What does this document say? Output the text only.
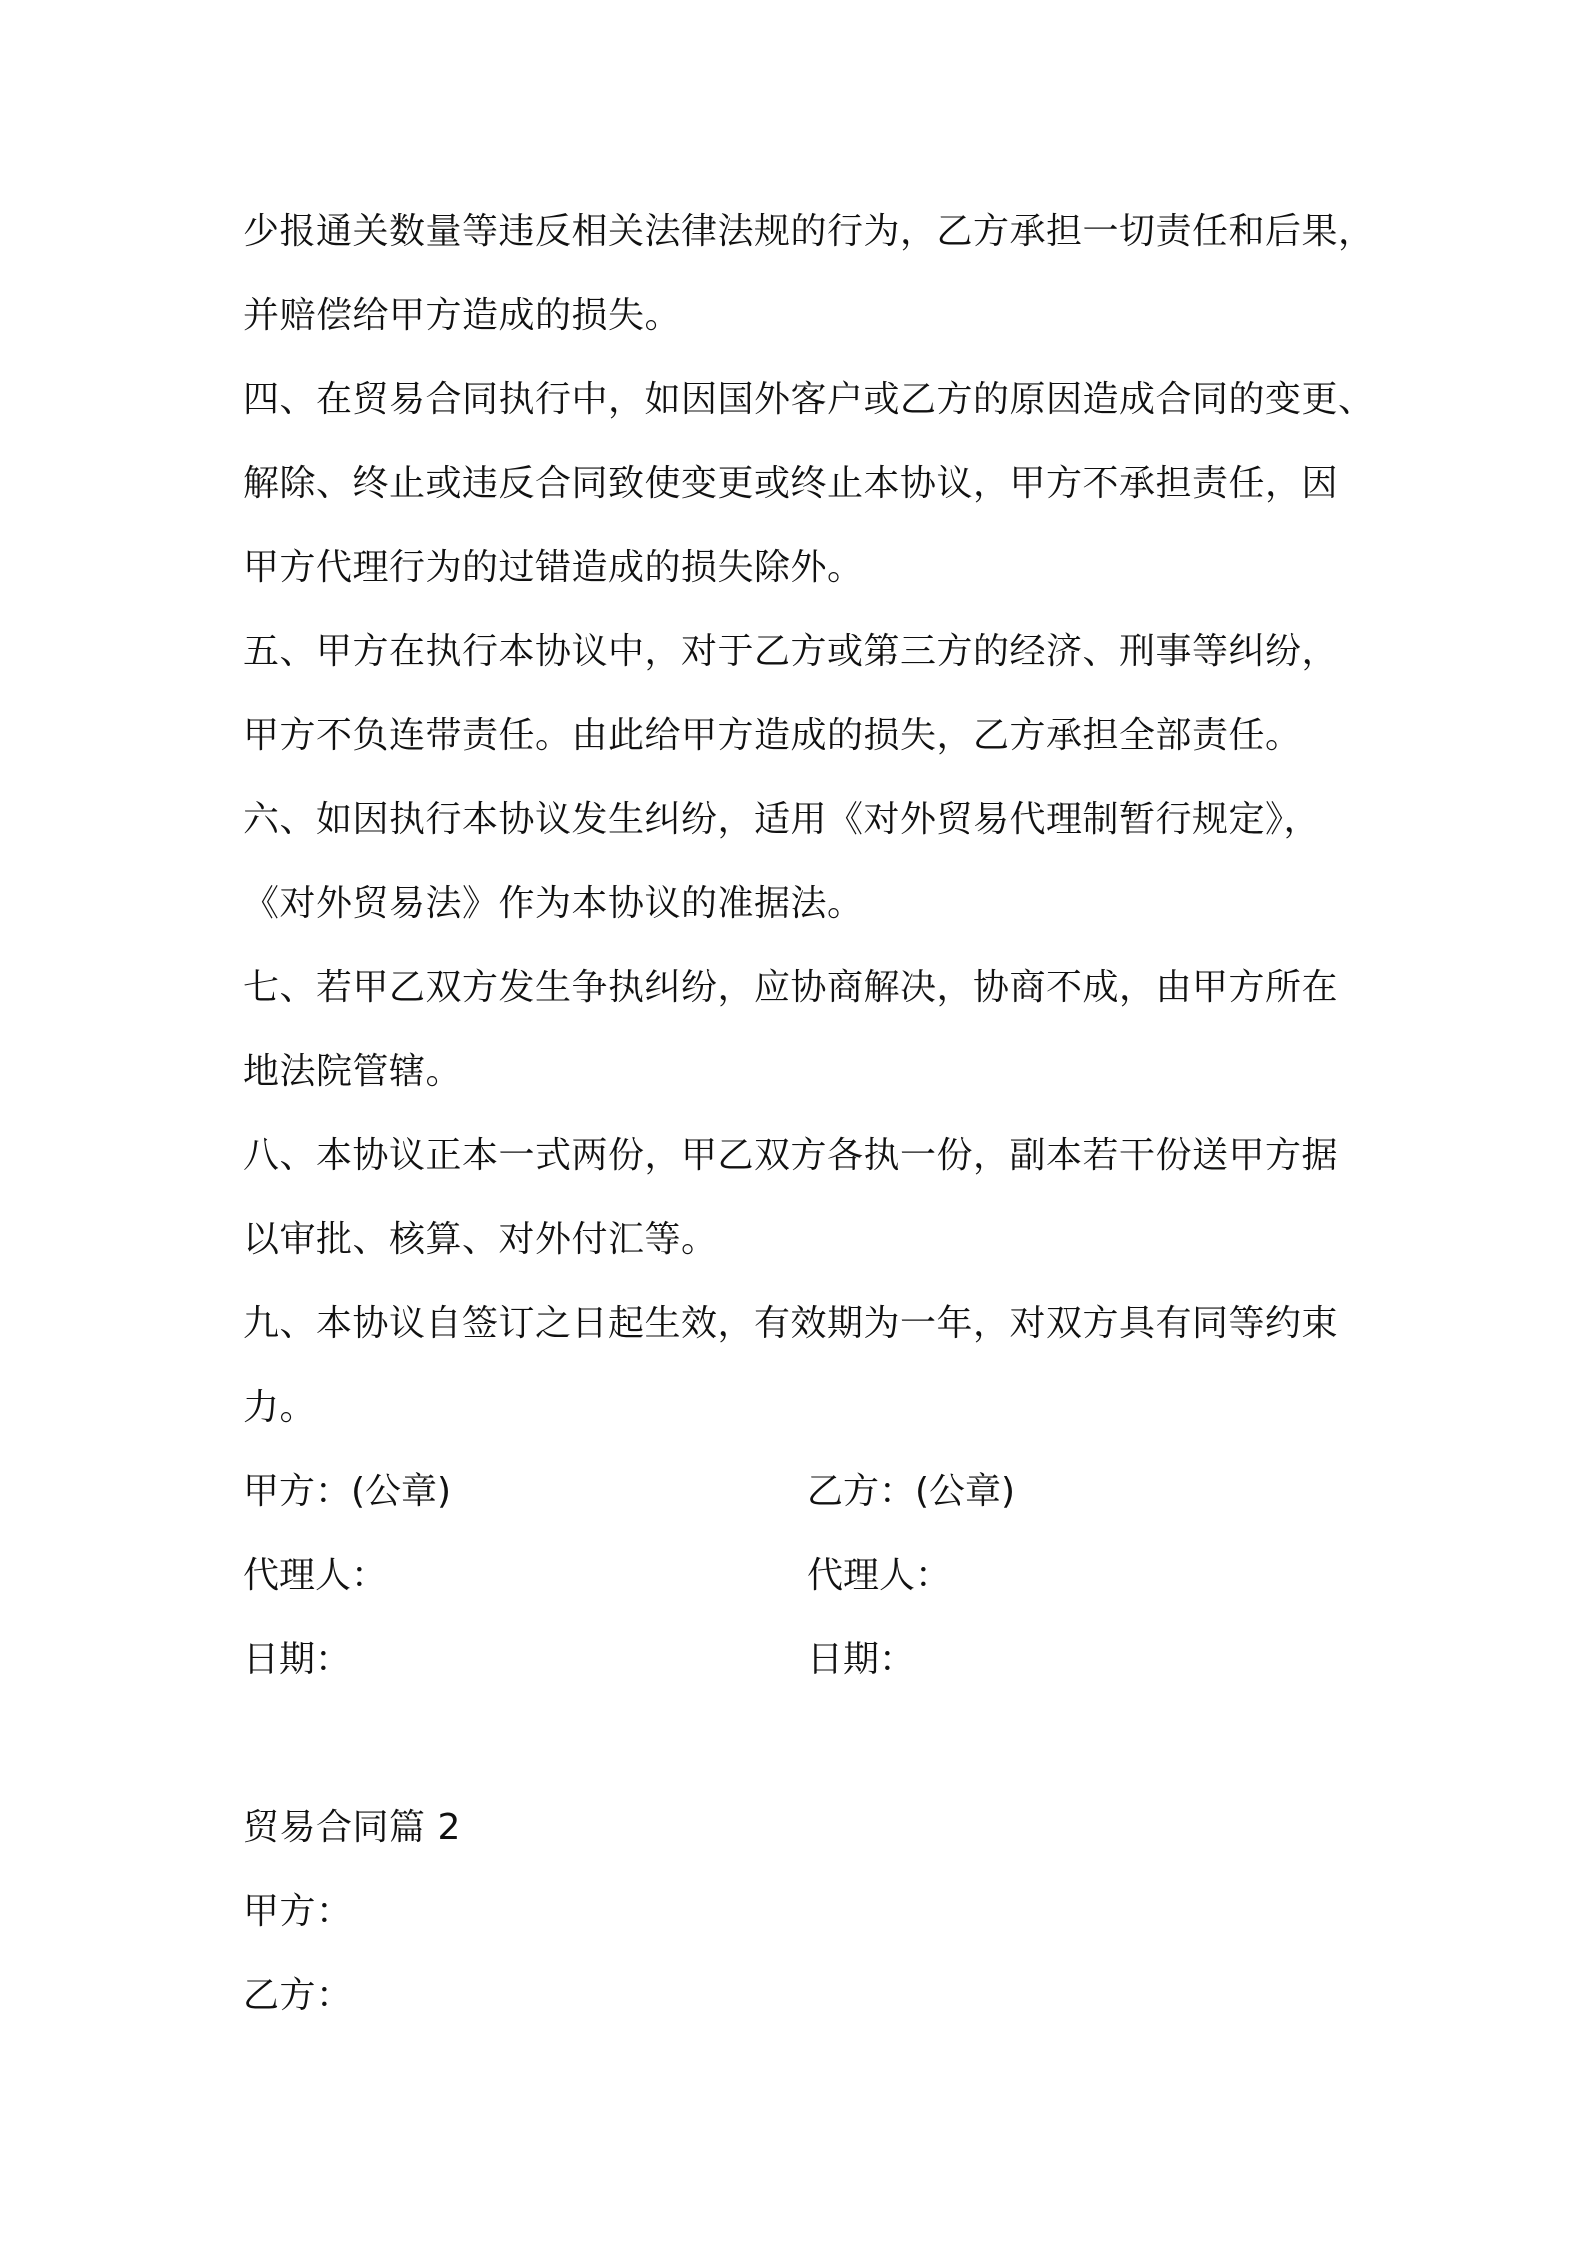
少报通关数量等违反相关法律法规的行为，乙方承担一切责任和后果，
并赔偿给甲方造成的损失。
四、在贸易合同执行中，如因国外客户或乙方的原因造成合同的变更、
解除、终止或违反合同致使变更或终止本协议，甲方不承担责任，因
甲方代理行为的过错造成的损失除外。
五、甲方在执行本协议中，对于乙方或第三方的经济、刑事等纠纷，
甲方不负连带责任。由此给甲方造成的损失，乙方承担全部责任。
六、如因执行本协议发生纠纷，适用《对外贸易代理制暂行规定》，
《对外贸易法》作为本协议的准据法。
七、若甲乙双方发生争执纠纷，应协商解决，协商不成，由甲方所在
地法院管辖。
八、本协议正本一式两份，甲乙双方各执一份，副本若干份送甲方据
以审批、核算、对外付汇等。
九、本协议自签订之日起生效，有效期为一年，对双方具有同等约束
力。
甲方：(公章)	乙方：(公章)
代理人：	代理人：
日期：	日期：
贸易合同篇 2
甲方：
乙方：
